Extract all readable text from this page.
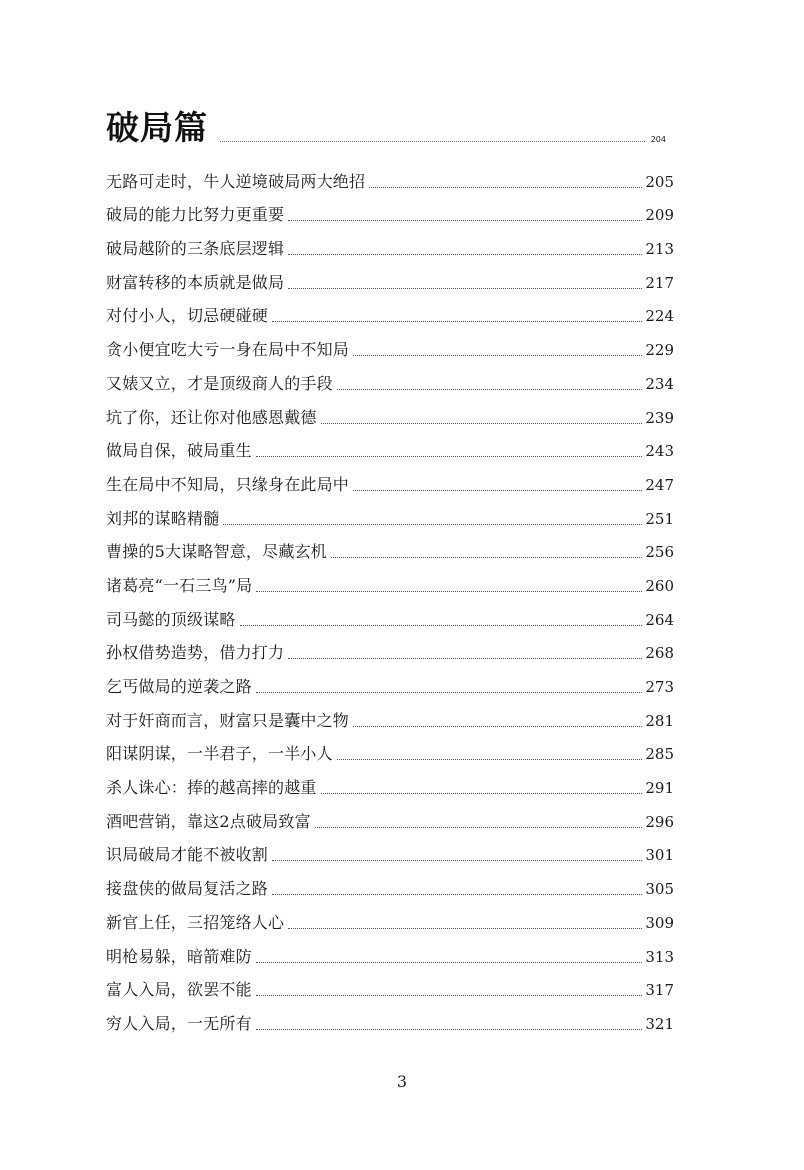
破局篇	204
无路可走时，牛人逆境破局两大绝招	205
破局的能力比努力更重要	209
破局越阶的三条底层逻辑	213
财富转移的本质就是做局	217
对付小人，切忌硬碰硬	224
贪小便宜吃大亏一身在局中不知局	229
又婊又立，才是顶级商人的手段	234
坑了你，还让你对他感恩戴德	239
做局自保，破局重生	243
生在局中不知局，只缘身在此局中	247
刘邦的谋略精髓	251
曹操的5大谋略智意，尽藏玄机	256
诸葛亮“一石三鸟”局	260
司马懿的顶级谋略	264
孙权借势造势，借力打力	268
乞丐做局的逆袭之路	273
对于奸商而言，财富只是囊中之物	281
阳谋阴谋，一半君子，一半小人	285
杀人诛心：捧的越高摔的越重	291
酒吧营销，靠这2点破局致富	296
识局破局才能不被收割	301
接盘侠的做局复活之路	305
新官上任，三招笼络人心	309
明枪易躲，暗箭难防	313
富人入局，欲罢不能	317
穷人入局，一无所有	321
3
